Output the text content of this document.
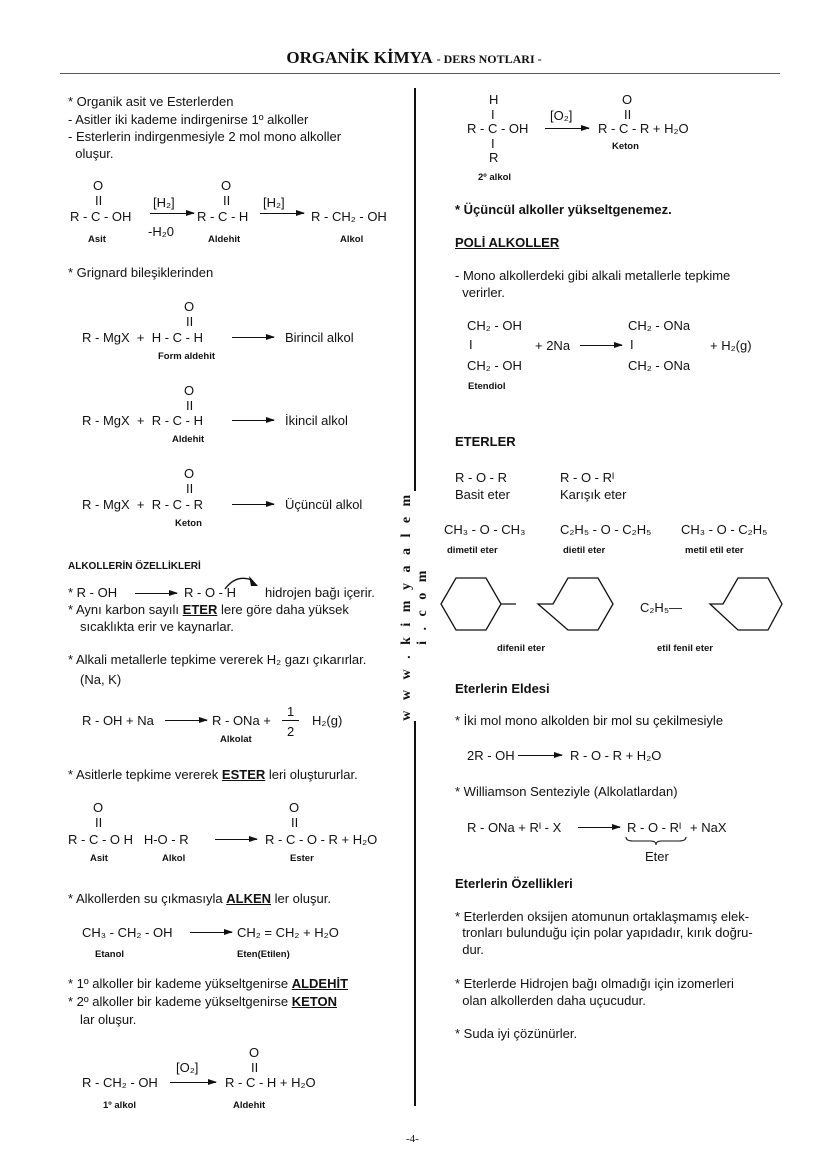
ORGANİK KİMYA - DERS NOTLARI -
w w w . k i m y a a l e m i . c o m
* Organik asit ve Esterlerden
- Asitler iki kademe indirgenirse 1º alkoller
- Esterlerin indirgenmesiyle 2 mol mono alkoller
oluşur.
O
II
R - C - OH
Asit
[H₂]
-H₂0
O
II
R - C - H
Aldehit
[H₂]
R - CH₂ - OH
Alkol
* Grignard bileşiklerinden
O
II
R - MgX  +  H - C - H
Form aldehit
Birincil alkol
O
II
R - MgX  +  R - C - H
Aldehit
İkincil alkol
O
II
R - MgX  +  R - C - R
Keton
Üçüncül alkol
ALKOLLERİN ÖZELLİKLERİ
* R - OH	R - O - H hidrojen bağı içerir.
* Aynı karbon sayılı ETER lere göre daha yüksek
sıcaklıkta erir ve kaynarlar.
* Alkali metallerle tepkime vererek H₂ gazı çıkarırlar.
(Na, K)
R - OH + Na	R - ONa +
1
2
H₂(g)
Alkolat
* Asitlerle tepkime vererek ESTER leri oluştururlar.
O
II
R - C - O H   H-O - R
Asit	Alkol
O
II
R - C - O - R + H₂O
Ester
* Alkollerden su çıkmasıyla ALKEN ler oluşur.
CH₃ - CH₂ - OH	CH₂ = CH₂ + H₂O
Etanol	Eten(Etilen)
* 1º alkoller bir kademe yükseltgenirse ALDEHİT
* 2º alkoller bir kademe yükseltgenirse KETON
lar oluşur.
[O₂]
O
II
R - CH₂ - OH	R - C - H + H₂O
1º alkol	Aldehit
H
I
R - C - OH
I
R
2º alkol
[O₂]
O
II
R - C - R + H₂O
Keton
* Üçüncül alkoller yükseltgenemez.
POLİ ALKOLLER
- Mono alkollerdeki gibi alkali metallerle tepkime
verirler.
CH₂ - OH
I
CH₂ - OH
Etendiol
+ 2Na
CH₂ - ONa
I
CH₂ - ONa
+ H₂(g)
ETERLER
R - O - R
Basit eter
R - O - Rᴵ
Karışık eter
CH₃ - O - CH₃
dimetil eter
C₂H₅ - O - C₂H₅
dietil eter
CH₃ - O - C₂H₅
metil etil eter
C₂H₅—
difenil eter	etil fenil eter
Eterlerin Eldesi
* İki mol mono alkolden bir mol su çekilmesiyle
2R - OH	R - O - R + H₂O
* Williamson Senteziyle (Alkolatlardan)
R - ONa + Rᴵ - X	R - O - Rᴵ + NaX
Eter
Eterlerin Özellikleri
* Eterlerden oksijen atomunun ortaklaşmamış elek-
tronları bulunduğu için polar yapıdadır, kırık doğru-
dur.
* Eterlerde Hidrojen bağı olmadığı için izomerleri
olan alkollerden daha uçucudur.
* Suda iyi çözünürler.
-4-
